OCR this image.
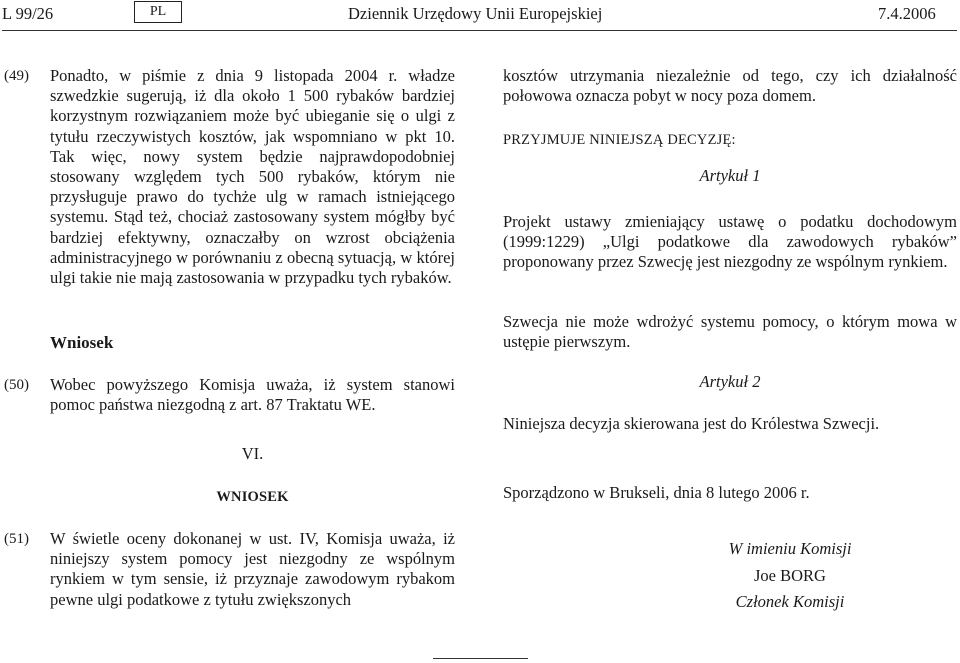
L 99/26	PL	Dziennik Urzędowy Unii Europejskiej	7.4.2006
(49) Ponadto, w piśmie z dnia 9 listopada 2004 r. władze szwedzkie sugerują, iż dla około 1 500 rybaków bardziej korzystnym rozwiązaniem może być ubieganie się o ulgi z tytułu rzeczywistych kosztów, jak wspomniano w pkt 10. Tak więc, nowy system będzie najprawdopodobniej stosowany względem tych 500 rybaków, którym nie przysługuje prawo do tychże ulg w ramach istniejącego systemu. Stąd też, chociaż zastosowany system mógłby być bardziej efektywny, oznaczałby on wzrost obciążenia administracyjnego w porównaniu z obecną sytuacją, w której ulgi takie nie mają zastosowania w przypadku tych rybaków.

Wniosek
(50) Wobec powyższego Komisja uważa, iż system stanowi pomoc państwa niezgodną z art. 87 Traktatu WE.

VI.
WNIOSEK
(51) W świetle oceny dokonanej w ust. IV, Komisja uważa, iż niniejszy system pomocy jest niezgodny ze wspólnym rynkiem w tym sensie, iż przyznaje zawodowym rybakom pewne ulgi podatkowe z tytułu zwiększonych

kosztów utrzymania niezależnie od tego, czy ich działalność połowowa oznacza pobyt w nocy poza domem.

PRZYJMUJE NINIEJSZĄ DECYZJĘ:
Artykuł 1

Projekt ustawy zmieniający ustawę o podatku dochodowym (1999:1229) „Ulgi podatkowe dla zawodowych rybaków” proponowany przez Szwecję jest niezgodny ze wspólnym rynkiem.

Szwecja nie może wdrożyć systemu pomocy, o którym mowa w ustępie pierwszym.

Artykuł 2

Niniejsza decyzja skierowana jest do Królestwa Szwecji.

Sporządzono w Brukseli, dnia 8 lutego 2006 r.
W imieniu Komisji
Joe BORG
Członek Komisji
